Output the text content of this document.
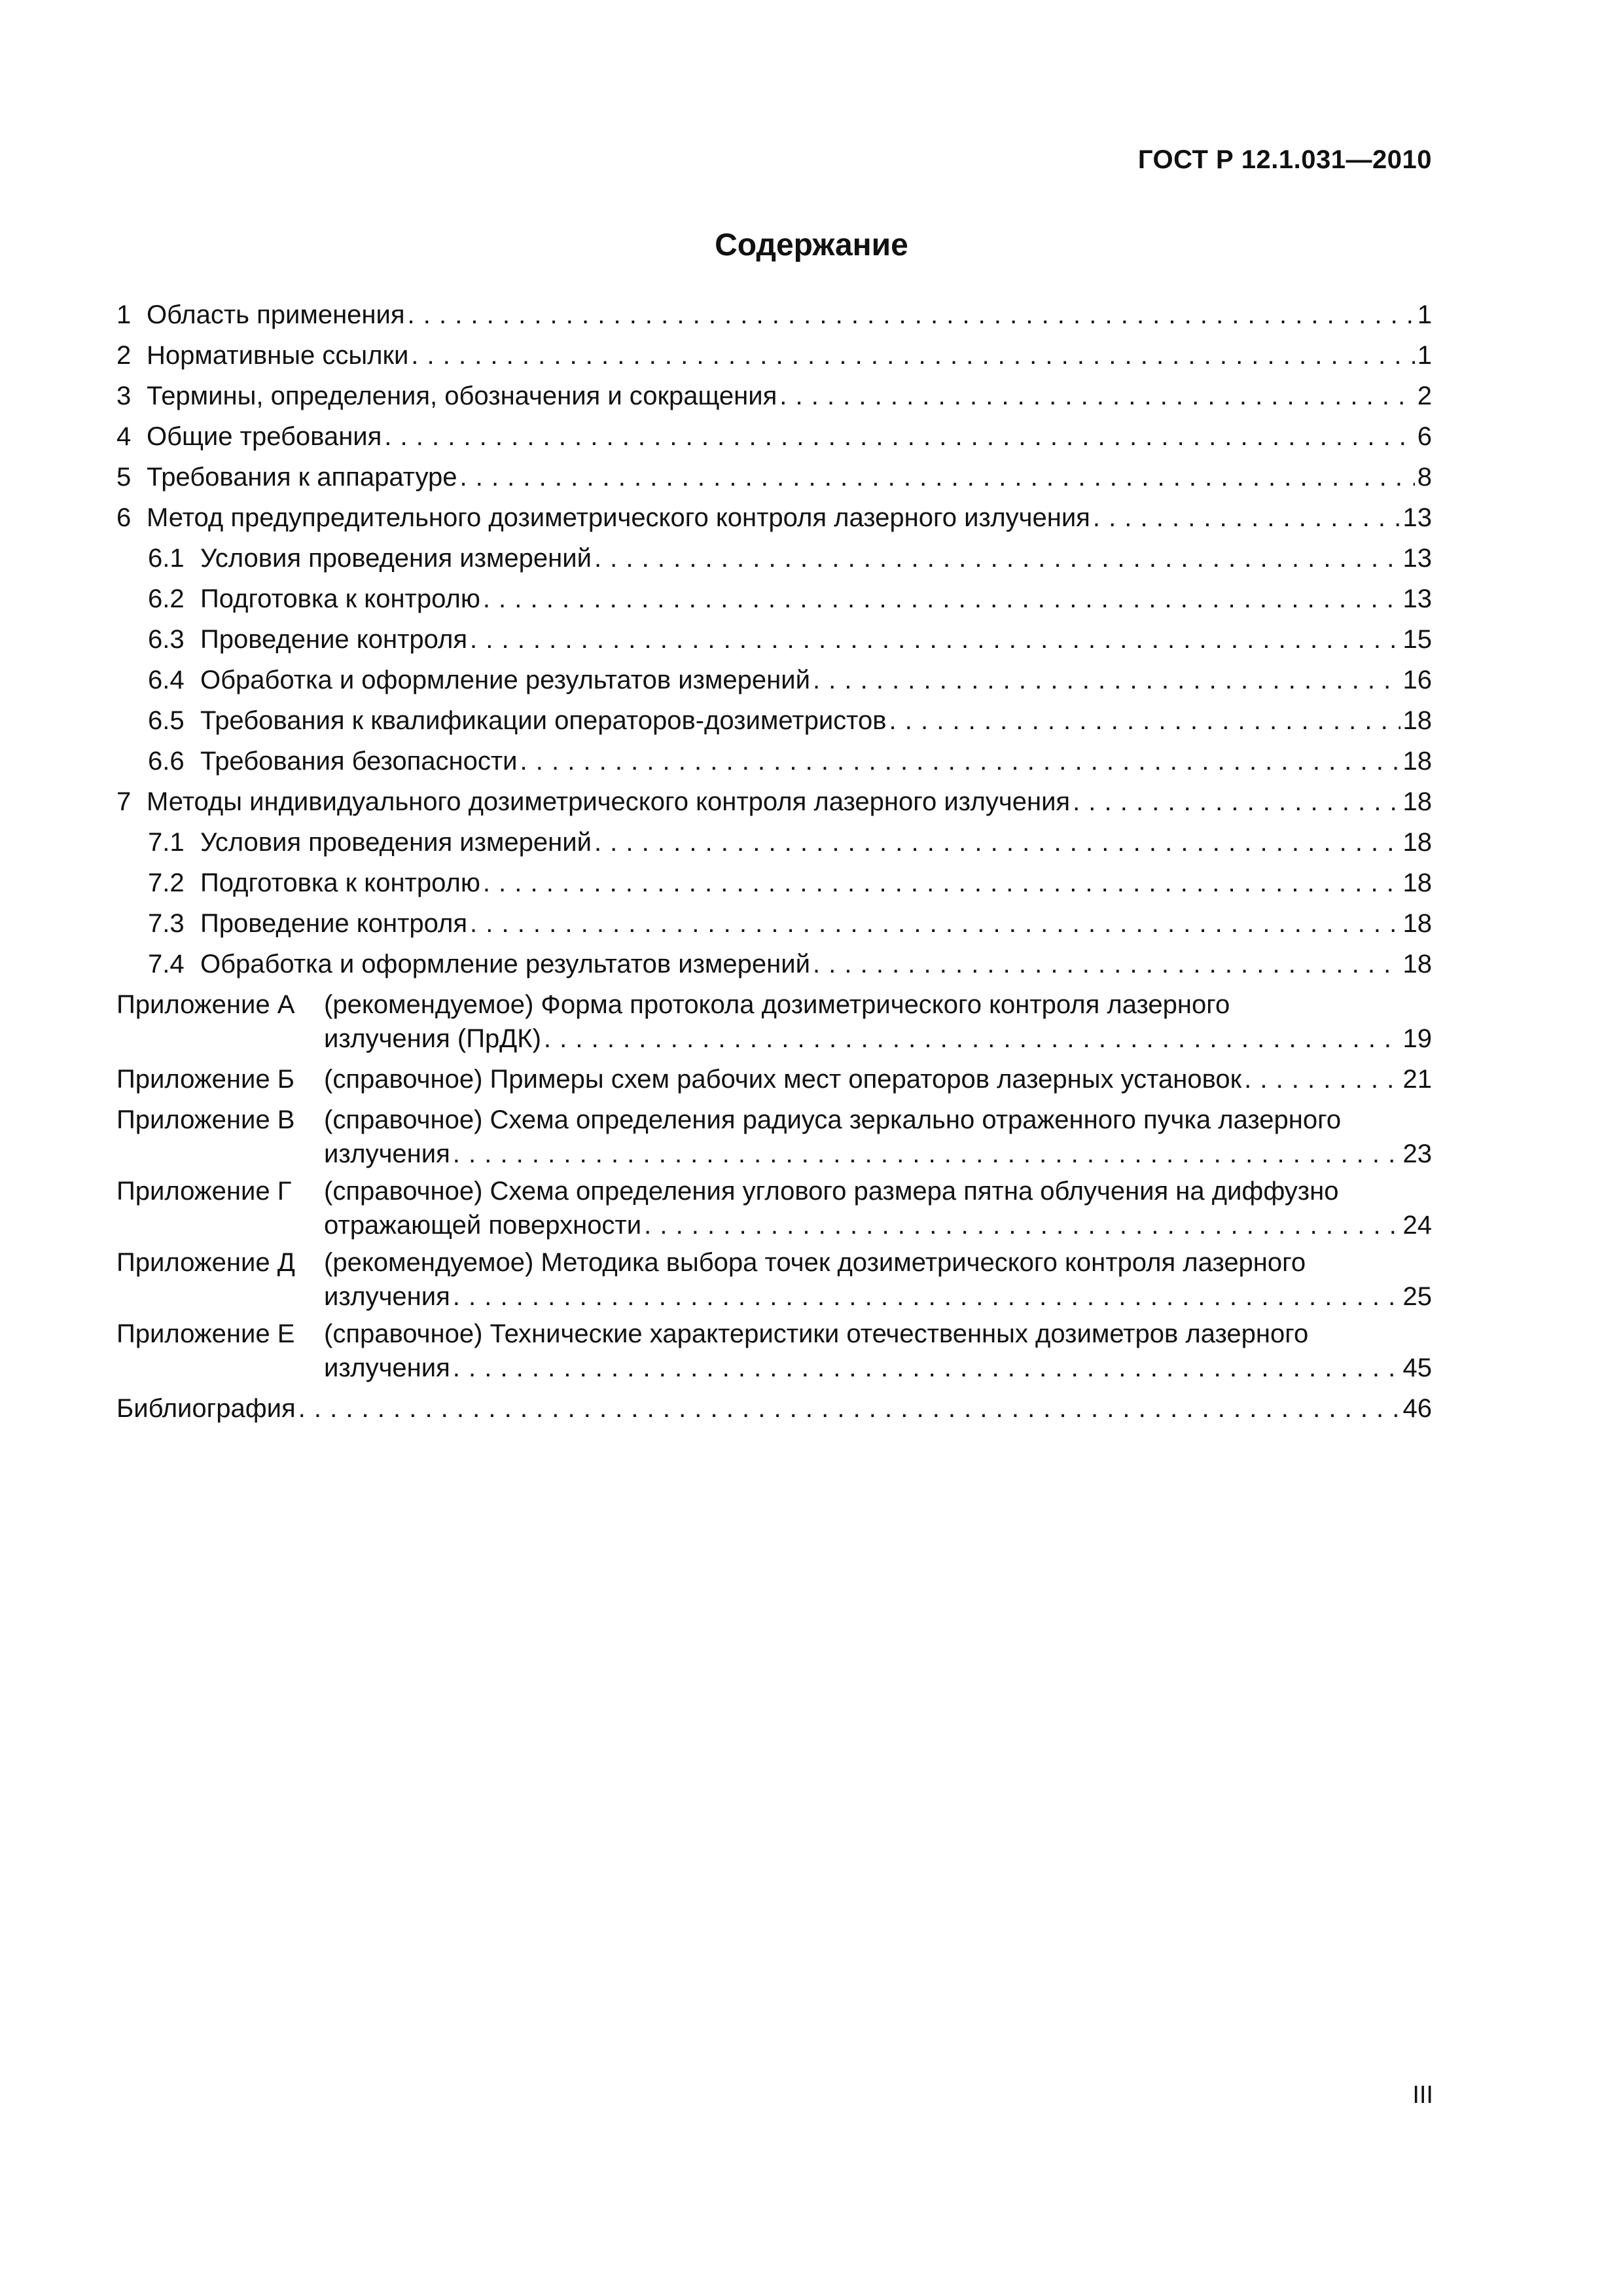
ГОСТ Р 12.1.031—2010
Содержание
1 Область применения . . .	1
2 Нормативные ссылки . . .	1
3 Термины, определения, обозначения и сокращения . . .	2
4 Общие требования . . .	6
5 Требования к аппаратуре . . .	8
6 Метод предупредительного дозиметрического контроля лазерного излучения . . .	13
6.1 Условия проведения измерений . . .	13
6.2 Подготовка к контролю . . .	13
6.3 Проведение контроля . . .	15
6.4 Обработка и оформление результатов измерений . . .	16
6.5 Требования к квалификации операторов-дозиметристов . . .	18
6.6 Требования безопасности . . .	18
7 Методы индивидуального дозиметрического контроля лазерного излучения . . .	18
7.1 Условия проведения измерений . . .	18
7.2 Подготовка к контролю . . .	18
7.3 Проведение контроля . . .	18
7.4 Обработка и оформление результатов измерений . . .	18
Приложение А (рекомендуемое) Форма протокола дозиметрического контроля лазерного
излучения (ПрДК) . . .	19
Приложение Б	(справочное) Примеры схем рабочих мест операторов лазерных установок . . .	21
Приложение В (справочное) Схема определения радиуса зеркально отраженного пучка лазерного
излучения . . .	23
Приложение Г (справочное) Схема определения углового размера пятна облучения на диффузно
отражающей поверхности . . .	24
Приложение Д (рекомендуемое) Методика выбора точек дозиметрического контроля лазерного
излучения . . .	25
Приложение Е (справочное) Технические характеристики отечественных дозиметров лазерного
излучения . . .	45
Библиография . . .	46
III
